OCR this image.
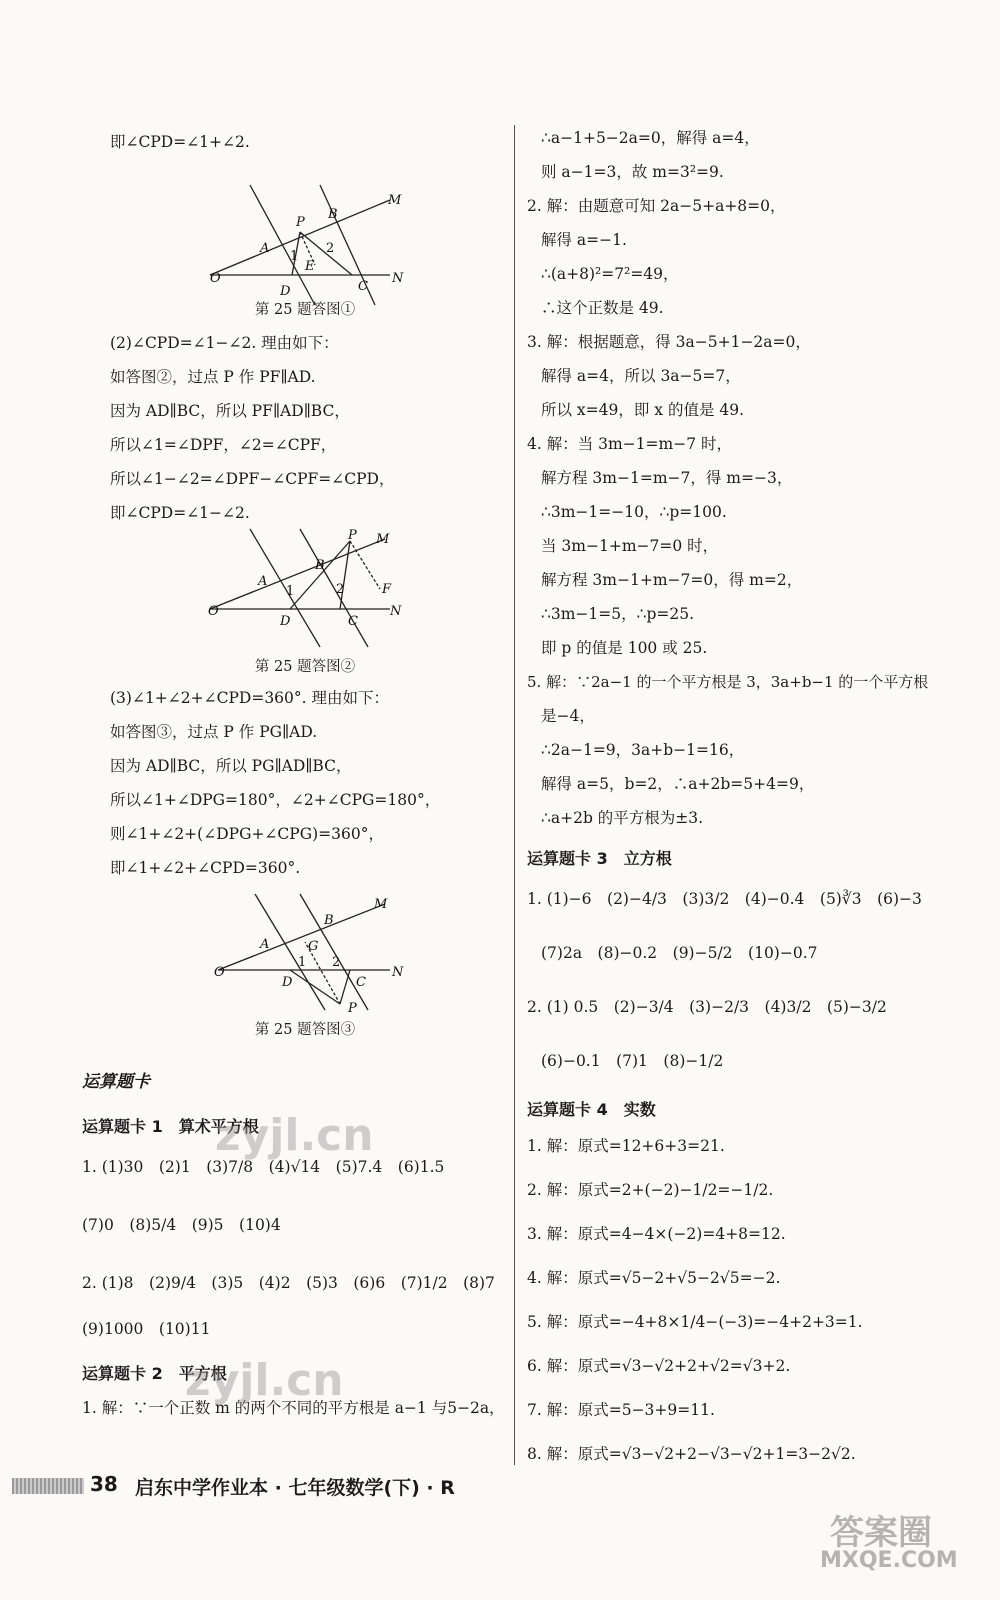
即∠CPD=∠1+∠2.
O
A
P
B
M
D
E
C
N
1
2
第 25 题答图①
(2)∠CPD=∠1−∠2. 理由如下：
如答图②，过点 P 作 PF∥AD.
因为 AD∥BC，所以 PF∥AD∥BC，
所以∠1=∠DPF，∠2=∠CPF，
所以∠1−∠2=∠DPF−∠CPF=∠CPD，
即∠CPD=∠1−∠2.
O
A
B
P M
F
D	C
N
1	2
第 25 题答图②
(3)∠1+∠2+∠CPD=360°. 理由如下：
如答图③，过点 P 作 PG∥AD.
因为 AD∥BC，所以 PG∥AD∥BC，
所以∠1+∠DPG=180°，∠2+∠CPG=180°，
则∠1+∠2+(∠DPG+∠CPG)=360°，
即∠1+∠2+∠CPD=360°.
O
A
B
G
M
D	C
N
P
1 2
第 25 题答图③
运算题卡
运算题卡 1　算术平方根
1. (1)30　(2)1　(3)7/8　(4)√14　(5)7.4　(6)1.5
(7)0　(8)5/4　(9)5　(10)4
2. (1)8　(2)9/4　(3)5　(4)2　(5)3　(6)6　(7)1/2　(8)7
(9)1000　(10)11
运算题卡 2　平方根
1. 解：∵一个正数 m 的两个不同的平方根是 a−1 与5−2a，
∴a−1+5−2a=0，解得 a=4，
则 a−1=3，故 m=3²=9.
2. 解：由题意可知 2a−5+a+8=0，
解得 a=−1.
∴(a+8)²=7²=49，
∴这个正数是 49.
3. 解：根据题意，得 3a−5+1−2a=0，
解得 a=4，所以 3a−5=7，
所以 x=49，即 x 的值是 49.
4. 解：当 3m−1=m−7 时，
解方程 3m−1=m−7，得 m=−3，
∴3m−1=−10，∴p=100.
当 3m−1+m−7=0 时，
解方程 3m−1+m−7=0，得 m=2，
∴3m−1=5，∴p=25.
即 p 的值是 100 或 25.
5. 解：∵2a−1 的一个平方根是 3，3a+b−1 的一个平方根
是−4，
∴2a−1=9，3a+b−1=16，
解得 a=5，b=2，∴a+2b=5+4=9，
∴a+2b 的平方根为±3.
运算题卡 3　立方根
1. (1)−6　(2)−4/3　(3)3/2　(4)−0.4　(5)∛3　(6)−3
(7)2a　(8)−0.2　(9)−5/2　(10)−0.7
2. (1) 0.5　(2)−3/4　(3)−2/3　(4)3/2　(5)−3/2
(6)−0.1　(7)1　(8)−1/2
运算题卡 4　实数
1. 解：原式=12+6+3=21.
2. 解：原式=2+(−2)−1/2=−1/2.
3. 解：原式=4−4×(−2)=4+8=12.
4. 解：原式=√5−2+√5−2√5=−2.
5. 解：原式=−4+8×1/4−(−3)=−4+2+3=1.
6. 解：原式=√3−√2+2+√2=√3+2.
7. 解：原式=5−3+9=11.
8. 解：原式=√3−√2+2−√3−√2+1=3−2√2.
zyjl.cn
zyjl.cn
答案圈
MXQE.COM
38 启东中学作业本 · 七年级数学(下) · R
